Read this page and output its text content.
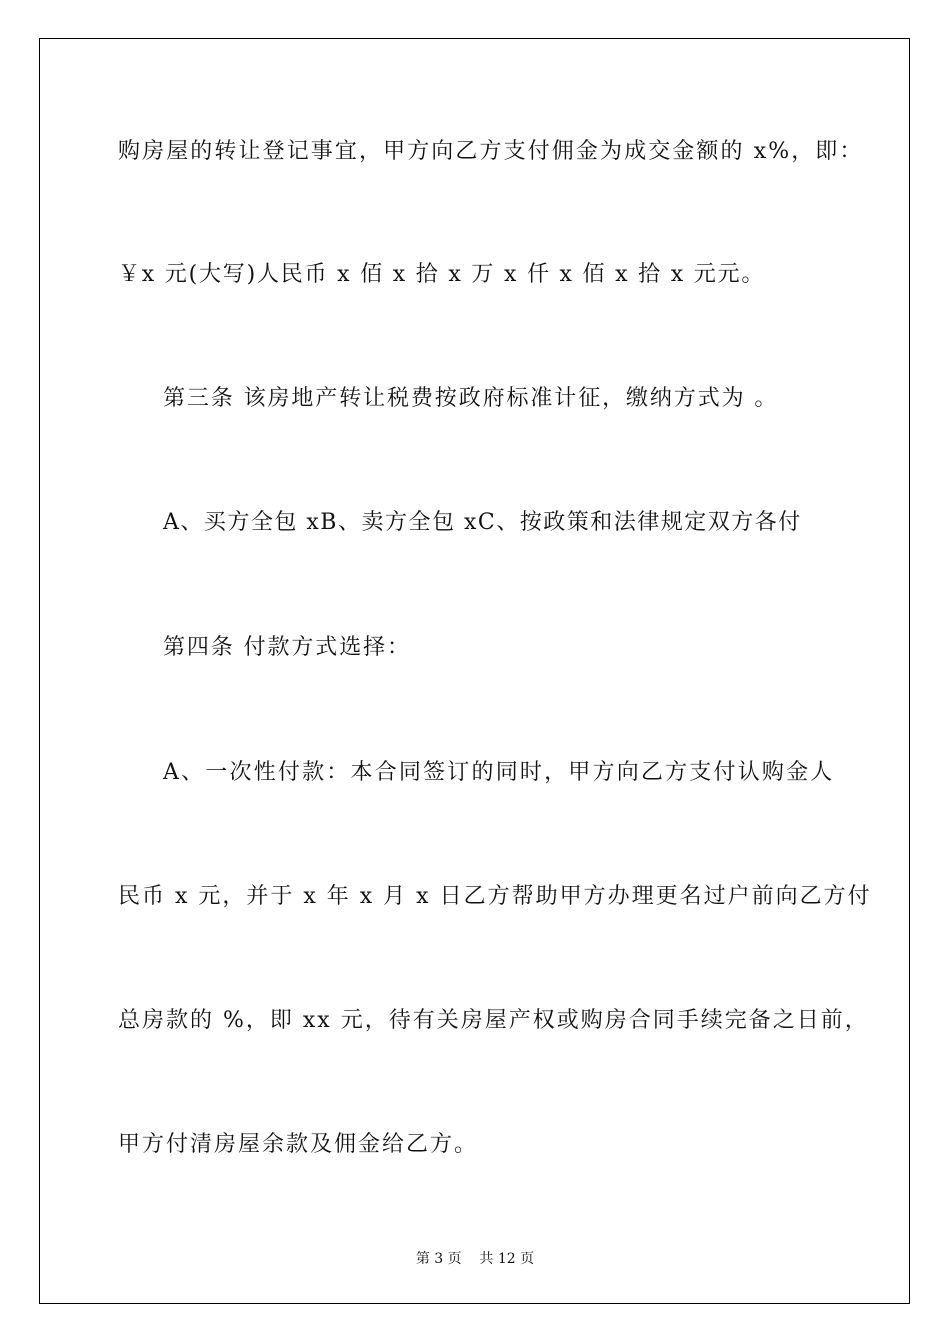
购房屋的转让登记事宜，甲方向乙方支付佣金为成交金额的 x%，即：
￥x 元(大写)人民币 x 佰 x 拾 x 万 x 仟 x 佰 x 拾 x 元元。
第三条 该房地产转让税费按政府标准计征，缴纳方式为 。
A、买方全包 xB、卖方全包 xC、按政策和法律规定双方各付
第四条 付款方式选择：
A、一次性付款：本合同签订的同时，甲方向乙方支付认购金人
民币 x 元，并于 x 年 x 月 x 日乙方帮助甲方办理更名过户前向乙方付
总房款的 %，即 xx 元，待有关房屋产权或购房合同手续完备之日前，
甲方付清房屋余款及佣金给乙方。
第 3 页    共 12 页
